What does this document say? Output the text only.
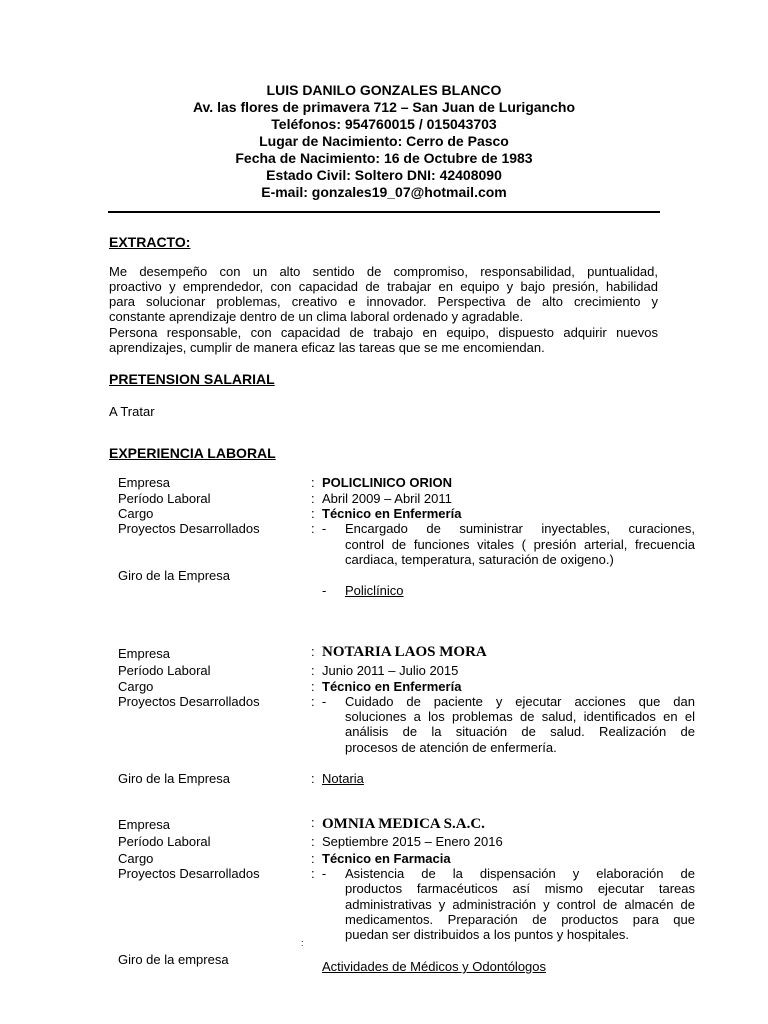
LUIS DANILO GONZALES BLANCO
Av. las flores de primavera 712 – San Juan de Lurigancho
Teléfonos: 954760015 / 015043703
Lugar de Nacimiento: Cerro de Pasco
Fecha de Nacimiento: 16 de Octubre de 1983
Estado Civil: Soltero DNI: 42408090
E-mail: gonzales19_07@hotmail.com
EXTRACTO:
Me desempeño con un alto sentido de compromiso, responsabilidad, puntualidad,
proactivo y emprendedor, con capacidad de trabajar en equipo y bajo presión, habilidad
para solucionar problemas, creativo e innovador. Perspectiva de alto crecimiento y
constante aprendizaje dentro de un clima laboral ordenado y agradable.
Persona responsable, con capacidad de trabajo en equipo, dispuesto adquirir nuevos
aprendizajes, cumplir de manera eficaz las tareas que se me encomiendan.
PRETENSION SALARIAL
A Tratar
EXPERIENCIA LABORAL
Empresa
Período Laboral
Cargo
Proyectos Desarrollados
Giro de la Empresa
:
:
:
:  -
POLICLINICO ORION
Abril 2009 – Abril 2011
Técnico en Enfermería
Encargado de suministrar inyectables, curaciones,
control de funciones vitales ( presión arterial, frecuencia
cardiaca, temperatura, saturación de oxigeno.)
- Policlínico
Empresa
Período Laboral
Cargo
Proyectos Desarrollados
Giro de la Empresa
:
:
:
:  -
:
NOTARIA LAOS MORA
Junio 2011 – Julio 2015
Técnico en Enfermería
Cuidado de paciente y ejecutar acciones que dan
soluciones a los problemas de salud, identificados en el
análisis de la situación de salud. Realización de
procesos de atención de enfermería.
Notaria
Empresa
Período Laboral
Cargo
Proyectos Desarrollados
Giro de la empresa
:
:
:
:  -
:
OMNIA MEDICA S.A.C.
Septiembre 2015 – Enero 2016
Técnico en Farmacia
Asistencia de la dispensación y elaboración de
productos farmacéuticos así mismo ejecutar tareas
administrativas y administración y control de almacén de
medicamentos. Preparación de productos para que
puedan ser distribuidos a los puntos y hospitales.
Actividades de Médicos y Odontólogos
